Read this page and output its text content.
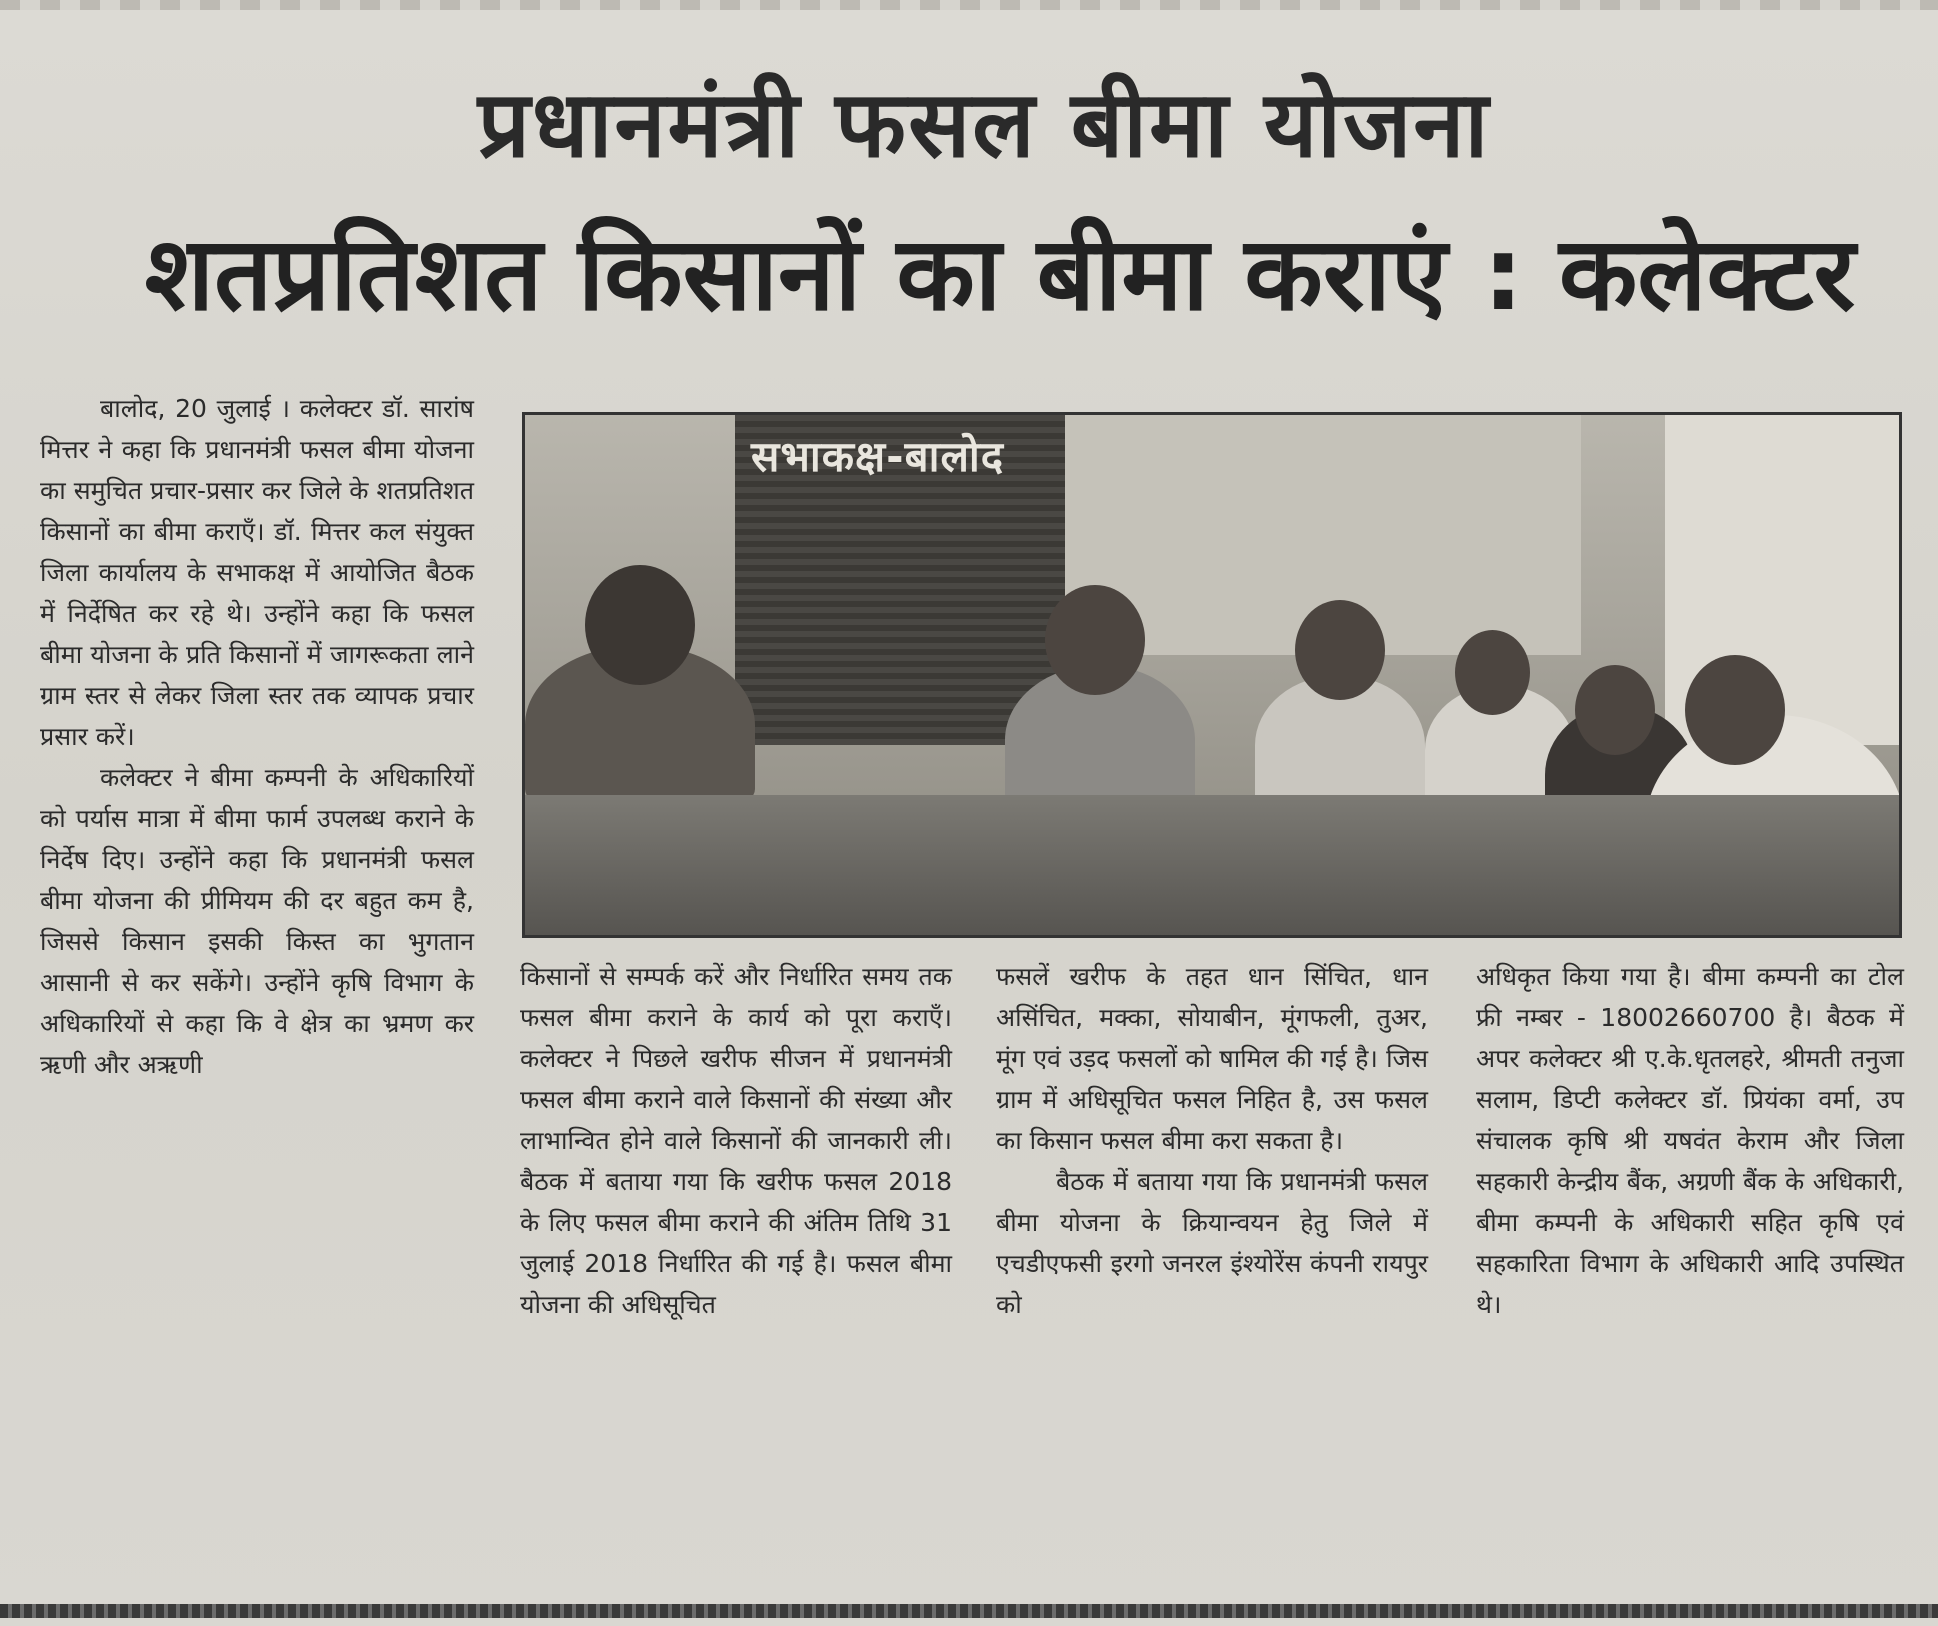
प्रधानमंत्री फसल बीमा योजना
शतप्रतिशत किसानों का बीमा कराएं : कलेक्टर

बालोद, 20 जुलाई । कलेक्टर डॉ. सारांष मित्तर ने कहा कि प्रधानमंत्री फसल बीमा योजना का समुचित प्रचार-प्रसार कर जिले के शतप्रतिशत किसानों का बीमा कराएँ। डॉ. मित्तर कल संयुक्त जिला कार्यालय के सभाकक्ष में आयोजित बैठक में निर्देषित कर रहे थे। उन्होंने कहा कि फसल बीमा योजना के प्रति किसानों में जागरूकता लाने ग्राम स्तर से लेकर जिला स्तर तक व्यापक प्रचार प्रसार करें।

कलेक्टर ने बीमा कम्पनी के अधिकारियों को पर्यास मात्रा में बीमा फार्म उपलब्ध कराने के निर्देष दिए। उन्होंने कहा कि प्रधानमंत्री फसल बीमा योजना की प्रीमियम की दर बहुत कम है, जिससे किसान इसकी किस्त का भुगतान आसानी से कर सकेंगे। उन्होंने कृषि विभाग के अधिकारियों से कहा कि वे क्षेत्र का भ्रमण कर ऋणी और अऋणी

सभाकक्ष-बालोद

किसानों से सम्पर्क करें और निर्धारित समय तक फसल बीमा कराने के कार्य को पूरा कराएँ। कलेक्टर ने पिछले खरीफ सीजन में प्रधानमंत्री फसल बीमा कराने वाले किसानों की संख्या और लाभान्वित होने वाले किसानों की जानकारी ली। बैठक में बताया गया कि खरीफ फसल 2018 के लिए फसल बीमा कराने की अंतिम तिथि 31 जुलाई 2018 निर्धारित की गई है। फसल बीमा योजना की अधिसूचित

फसलें खरीफ के तहत धान सिंचित, धान असिंचित, मक्का, सोयाबीन, मूंगफली, तुअर, मूंग एवं उड़द फसलों को षामिल की गई है। जिस ग्राम में अधिसूचित फसल निहित है, उस फसल का किसान फसल बीमा करा सकता है।

बैठक में बताया गया कि प्रधानमंत्री फसल बीमा योजना के क्रियान्वयन हेतु जिले में एचडीएफसी इरगो जनरल इंश्योरेंस कंपनी रायपुर को

अधिकृत किया गया है। बीमा कम्पनी का टोल फ्री नम्बर - 18002660700 है। बैठक में अपर कलेक्टर श्री ए.के.धृतलहरे, श्रीमती तनुजा सलाम, डिप्टी कलेक्टर डॉ. प्रियंका वर्मा, उप संचालक कृषि श्री यषवंत केराम और जिला सहकारी केन्द्रीय बैंक, अग्रणी बैंक के अधिकारी, बीमा कम्पनी के अधिकारी सहित कृषि एवं सहकारिता विभाग के अधिकारी आदि उपस्थित थे।
